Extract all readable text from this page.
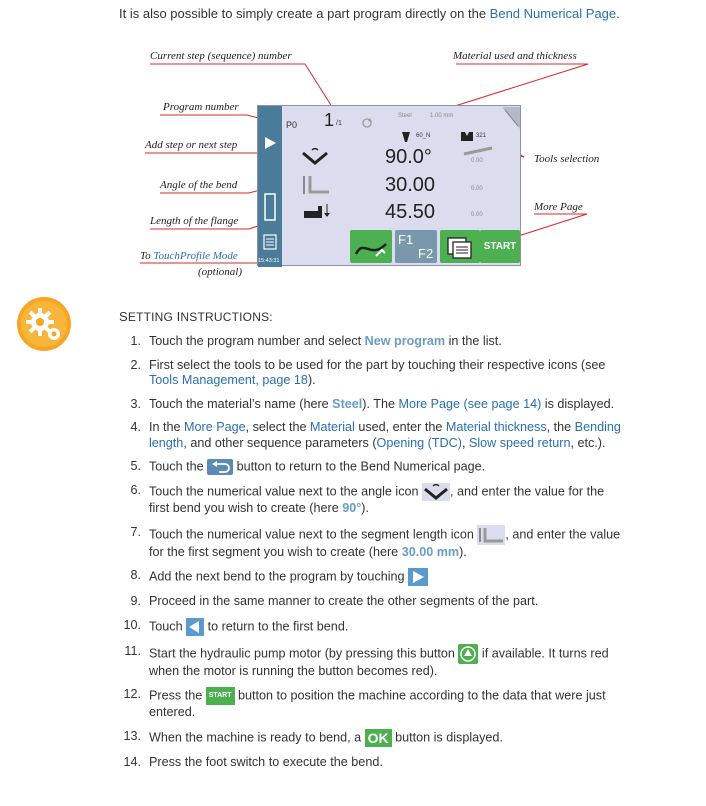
It is also possible to simply create a part program directly on the Bend Numerical Page.
Current step (sequence) number	Material used and thickness
Program number
Add step or next step
Angle of the bend
Tools selection
Length of the flange
More Page
To TouchProfile Mode
(optional)
15:43:31
P0 1 /1
Steel	1.00 mm
60_N	321
90.0°	0.00
30.00	0.00
45.50	0.00
F1
F2	START
SETTING INSTRUCTIONS:
1. Touch the program number and select New program in the list.
2. First select the tools to be used for the part by touching their respective icons (see
Tools Management, page 18).
3. Touch the material’s name (here Steel). The More Page (see page 14) is displayed.
4. In the More Page, select the Material used, enter the Material thickness, the Bending
length, and other sequence parameters (Opening (TDC), Slow speed return, etc.).
5. Touch the  button to return to the Bend Numerical page.
6. Touch the numerical value next to the angle icon , and enter the value for the
first bend you wish to create (here 90°).
7. Touch the numerical value next to the segment length icon , and enter the value
for the first segment you wish to create (here 30.00 mm).
8. Add the next bend to the program by touching
9. Proceed in the same manner to create the other segments of the part.
10. Touch  to return to the first bend.
11. Start the hydraulic pump motor (by pressing this button  if available. It turns red
when the motor is running the button becomes red).
12. Press the START button to position the machine according to the data that were just
entered.
13. When the machine is ready to bend, a OK button is displayed.
14. Press the foot switch to execute the bend.
